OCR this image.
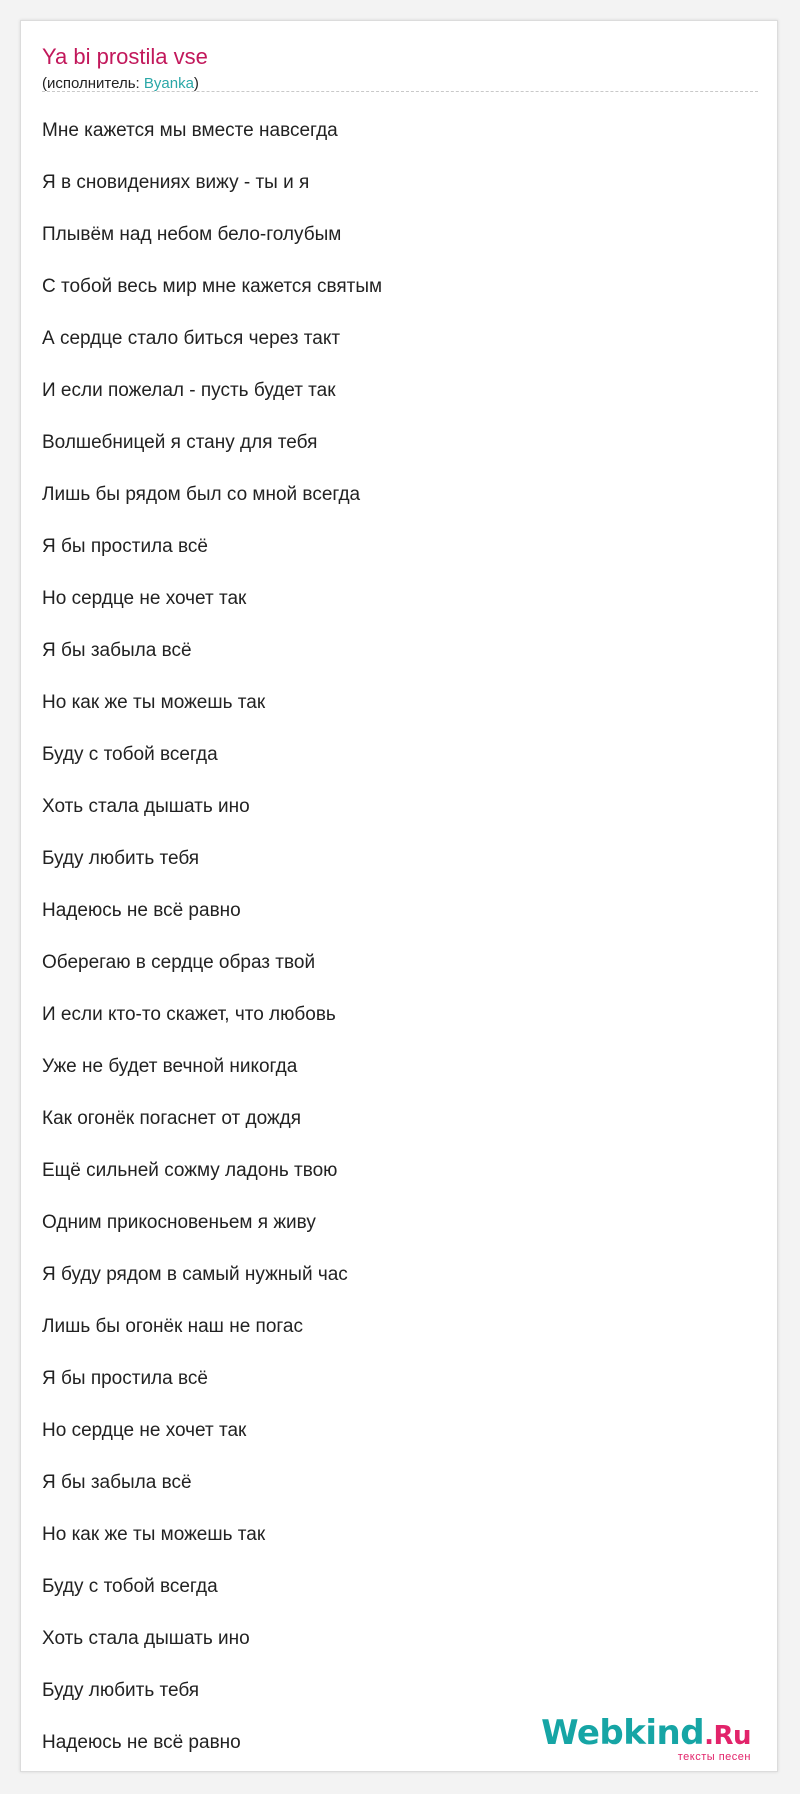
Ya bi prostila vse
(исполнитель: Byanka)
Мне кажется мы вместе навсегда
Я в сновидениях вижу - ты и я
Плывём над небом бело-голубым
С тобой весь мир мне кажется святым
А сердце стало биться через такт
И если пожелал - пусть будет так
Волшебницей я стану для тебя
Лишь бы рядом был со мной всегда
Я бы простила всё
Но сердце не хочет так
Я бы забыла всё
Но как же ты можешь так
Буду с тобой всегда
Хоть стала дышать ино
Буду любить тебя
Надеюсь не всё равно
Оберегаю в сердце образ твой
И если кто-то скажет, что любовь
Уже не будет вечной никогда
Как огонёк погаснет от дождя
Ещё сильней сожму ладонь твою
Одним прикосновеньем я живу
Я буду рядом в самый нужный час
Лишь бы огонёк наш не погас
Я бы простила всё
Но сердце не хочет так
Я бы забыла всё
Но как же ты можешь так
Буду с тобой всегда
Хоть стала дышать ино
Буду любить тебя
Надеюсь не всё равно	Webkind.Ru
тексты песен
